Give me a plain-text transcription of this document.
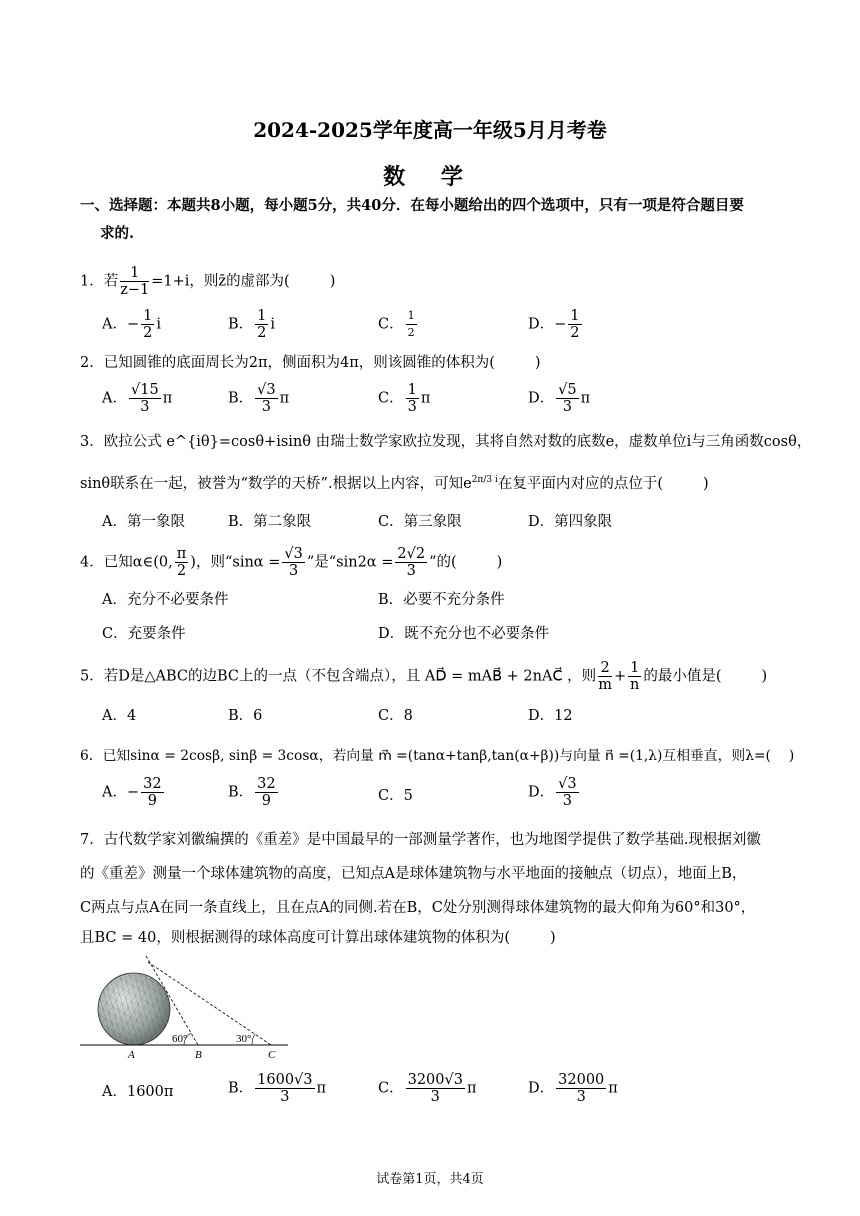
2024-2025学年度高一年级5月月考卷
数 学
一、选择题：本题共8小题，每小题5分，共40分．在每小题给出的四个选项中，只有一项是符合题目要
求的.
1．若 $\frac{1}{z-1} =1+i$，则z̄的虚部为(	)
A．− $\frac{1}{2}$ i	B． $\frac{1}{2}$ i	C． $\frac{1}{2}$	D．− $\frac{1}{2}$
2．已知圆锥的底面周长为2π，侧面积为4π，则该圆锥的体积为(	)
A． $\frac{√15}{3}$ π	B． $\frac{√3}{3}$ π	C． $\frac{1}{3}$ π	D． $\frac{√5}{3}$ π
3．欧拉公式 e^{iθ}=cosθ+isinθ 由瑞士数学家欧拉发现，其将自然对数的底数e，虚数单位i与三角函数cosθ，
sinθ联系在一起，被誉为“数学的天桥”.根据以上内容，可知$e^{2\pi/3 i}$在复平面内对应的点位于(	)
A．第一象限	B．第二象限	C．第三象限	D．第四象限
4．已知α∈(0, $\frac{\pi}{2}$ )，则“$\sin\alpha = \frac{√3}{3}$ ”是“$\sin 2\alpha = \frac{2√2}{3}$ ”的(	)
A．充分不必要条件	B．必要不充分条件
C．充要条件	D．既不充分也不必要条件
5．若D是△ABC的边BC上的一点（不包含端点），且 AD⃗ = mAB⃗ + 2nAC⃗ ，则 $\frac{2}{m} + \frac{1}{n}$ 的最小值是(	)
A．4	B．6	C．8	D．12
6．已知sinα = 2cosβ, sinβ = 3cosα，若向量 m⃗ =(tanα+tanβ,tan(α+β))与向量 n⃗ =(1,λ)互相垂直，则λ=( )
A．− $\frac{32}{9}$	B． $\frac{32}{9}$	C．5	D． $\frac{√3}{3}$
7．古代数学家刘徽编撰的《重差》是中国最早的一部测量学著作，也为地图学提供了数学基础.现根据刘徽
的《重差》测量一个球体建筑物的高度，已知点A是球体建筑物与水平地面的接触点（切点），地面上B，
C两点与点A在同一条直线上，且在点A的同侧.若在B，C处分别测得球体建筑物的最大仰角为60°和30°，
且BC = 40，则根据测得的球体高度可计算出球体建筑物的体积为(	)
60°	30°
A	B	C
A．1600π	B． $\frac{1600√3}{3}$ π	C． $\frac{3200√3}{3}$ π	D． $\frac{32000}{3}$ π
试卷第1页，共4页
